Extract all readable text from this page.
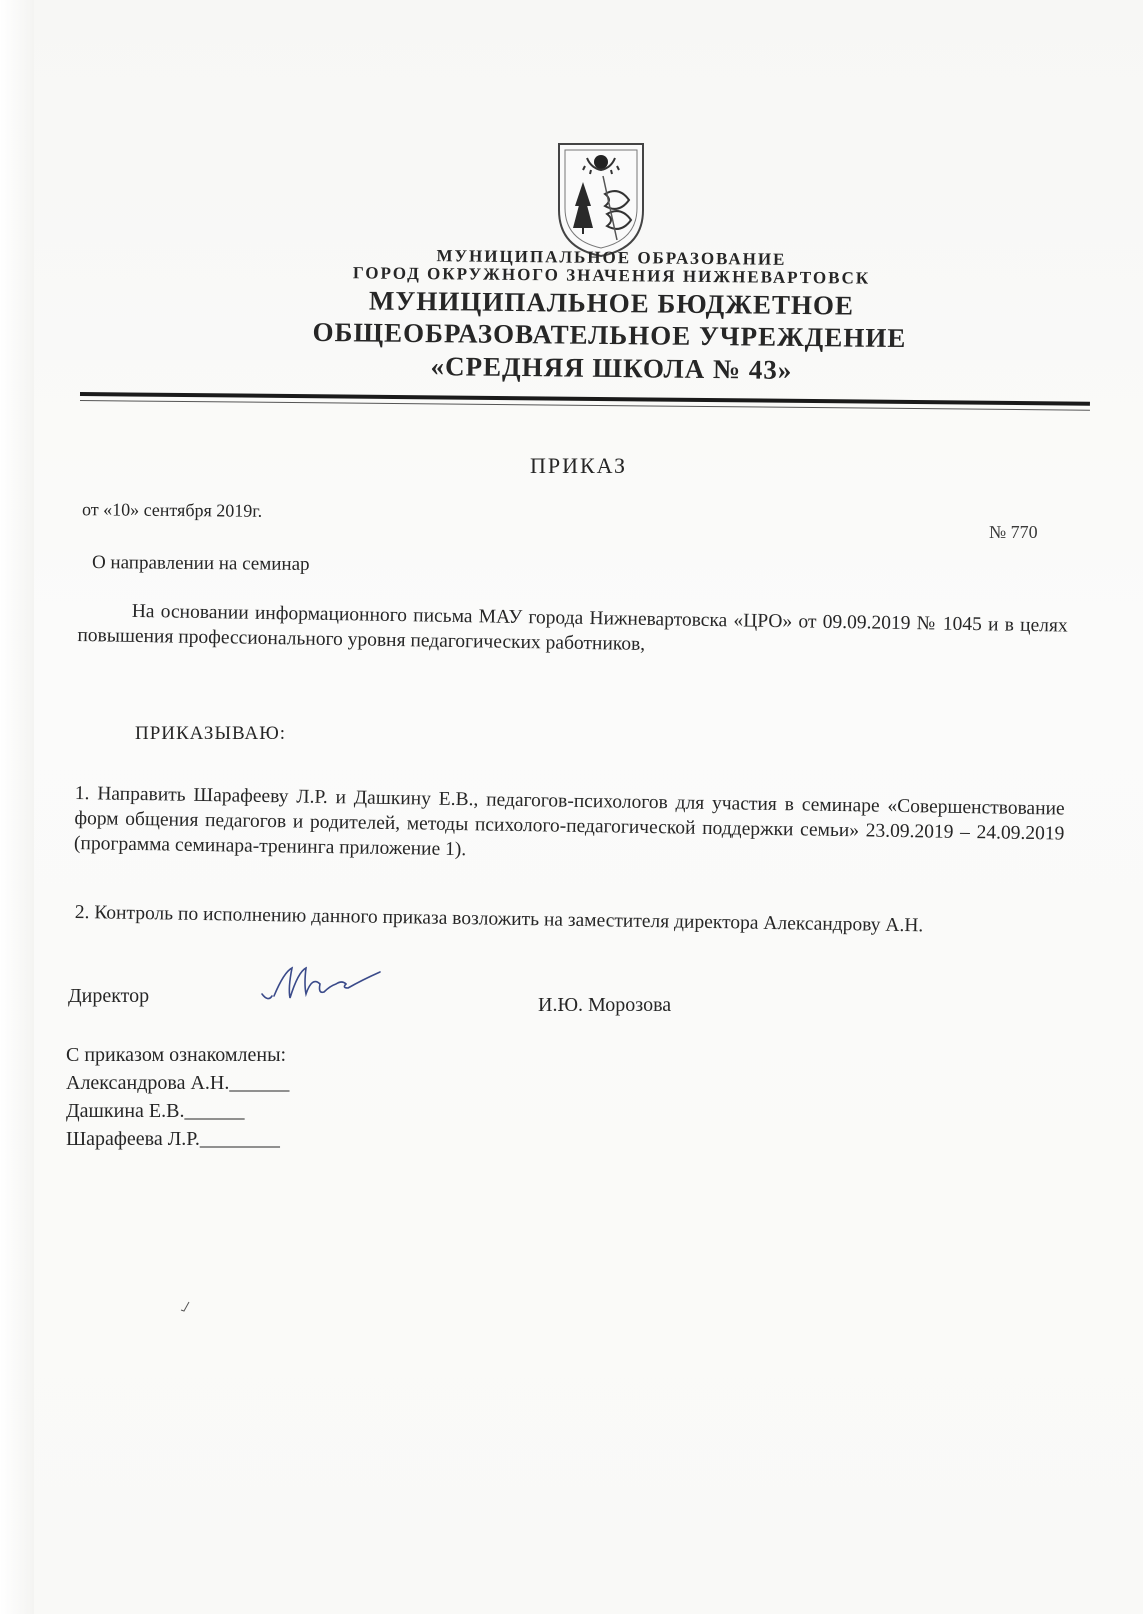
МУНИЦИПАЛЬНОЕ ОБРАЗОВАНИЕ
ГОРОД ОКРУЖНОГО ЗНАЧЕНИЯ НИЖНЕВАРТОВСК
МУНИЦИПАЛЬНОЕ БЮДЖЕТНОЕ
ОБЩЕОБРАЗОВАТЕЛЬНОЕ УЧРЕЖДЕНИЕ
«СРЕДНЯЯ ШКОЛА № 43»
ПРИКАЗ
от «10» сентября 2019г.
№ 770
О направлении на семинар
На основании информационного письма МАУ города Нижневартовска «ЦРО» от 09.09.2019 № 1045 и в целях повышения профессионального уровня педагогических работников,
ПРИКАЗЫВАЮ:
1. Направить Шарафееву Л.Р. и Дашкину Е.В., педагогов-психологов для участия в семинаре «Совершенствование форм общения педагогов и родителей, методы психолого-педагогической поддержки семьи» 23.09.2019 – 24.09.2019 (программа семинара-тренинга приложение 1).
2. Контроль по исполнению данного приказа возложить на заместителя директора Александрову А.Н.
Директор	И.Ю. Морозова
С приказом ознакомлены:
Александрова А.Н.______
Дашкина Е.В.______
Шарафеева Л.Р.________
